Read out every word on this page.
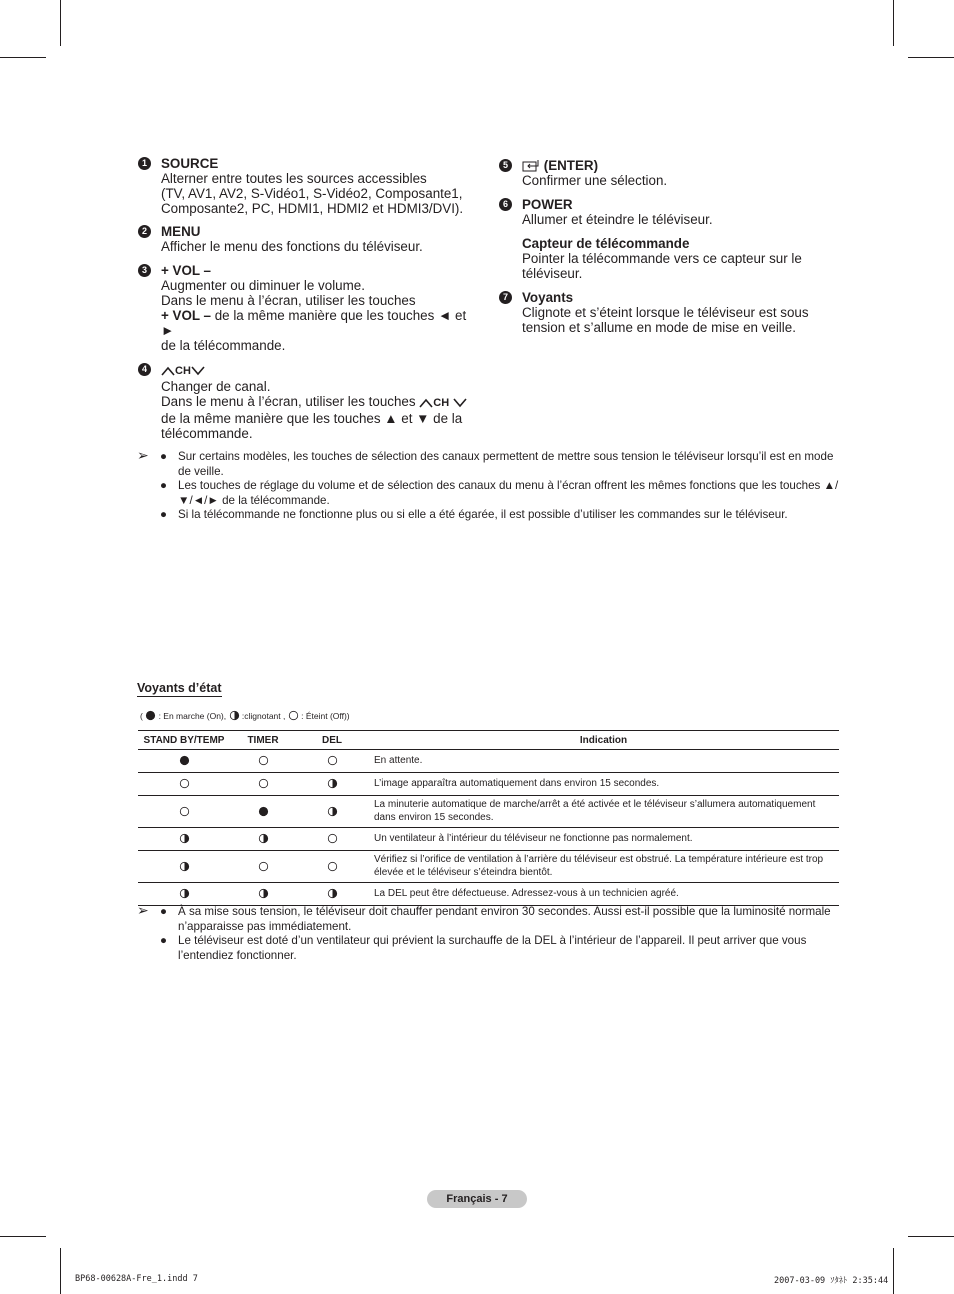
1 SOURCE
Alterner entre toutes les sources accessibles
(TV, AV1, AV2, S-Vidéo1, S-Vidéo2, Composante1,
Composante2, PC, HDMI1, HDMI2 et HDMI3/DVI).
2 MENU
Afficher le menu des fonctions du téléviseur.
3 + VOL –
Augmenter ou diminuer le volume.
Dans le menu à l’écran, utiliser les touches
+ VOL – de la même manière que les touches ◄ et ►
de la télécommande.
4	CH
Changer de canal.
Dans le menu à l’écran, utiliser les touches CH
de la même manière que les touches ▲ et ▼ de la
télécommande.
5	(ENTER)
Confirmer une sélection.
6 POWER
Allumer et éteindre le téléviseur.
Capteur de télécommande
Pointer la télécommande vers ce capteur sur le
téléviseur.
7 Voyants
Clignote et s’éteint lorsque le téléviseur est sous
tension et s’allume en mode de mise en veille.
➢ ● Sur certains modèles, les touches de sélection des canaux permettent de mettre sous tension le téléviseur lorsqu’il est en mode de veille.
● Les touches de réglage du volume et de sélection des canaux du menu à l’écran offrent les mêmes fonctions que les touches ▲/▼/◄/► de la télécommande.
● Si la télécommande ne fonctionne plus ou si elle a été égarée, il est possible d’utiliser les commandes sur le téléviseur.
Voyants d’état
(  : En marche (On), :clignotant , : Éteint (Off))
STAND BY/TEMP	TIMER	DEL	Indication
			En attente.
			L’image apparaîtra automatiquement dans environ 15 secondes.
			La minuterie automatique de marche/arrêt a été activée et le téléviseur s’allumera automatiquement dans environ 15 secondes.
			Un ventilateur à l’intérieur du téléviseur ne fonctionne pas normalement.
			Vérifiez si l’orifice de ventilation à l’arrière du téléviseur est obstrué. La température intérieure est trop élevée et le téléviseur s’éteindra bientôt.
			La DEL peut être défectueuse. Adressez-vous à un technicien agréé.
➢ ● À sa mise sous tension, le téléviseur doit chauffer pendant environ 30 secondes. Aussi est-il possible que la luminosité normale n’apparaisse pas immédiatement.
● Le téléviseur est doté d’un ventilateur qui prévient la surchauffe de la DEL à l’intérieur de l’appareil. Il peut arriver que vous l’entendiez fonctionner.
Français - 7
BP68-00628A-Fre_1.indd 7	2007-03-09 ｿﾀﾈﾄ 2:35:44
